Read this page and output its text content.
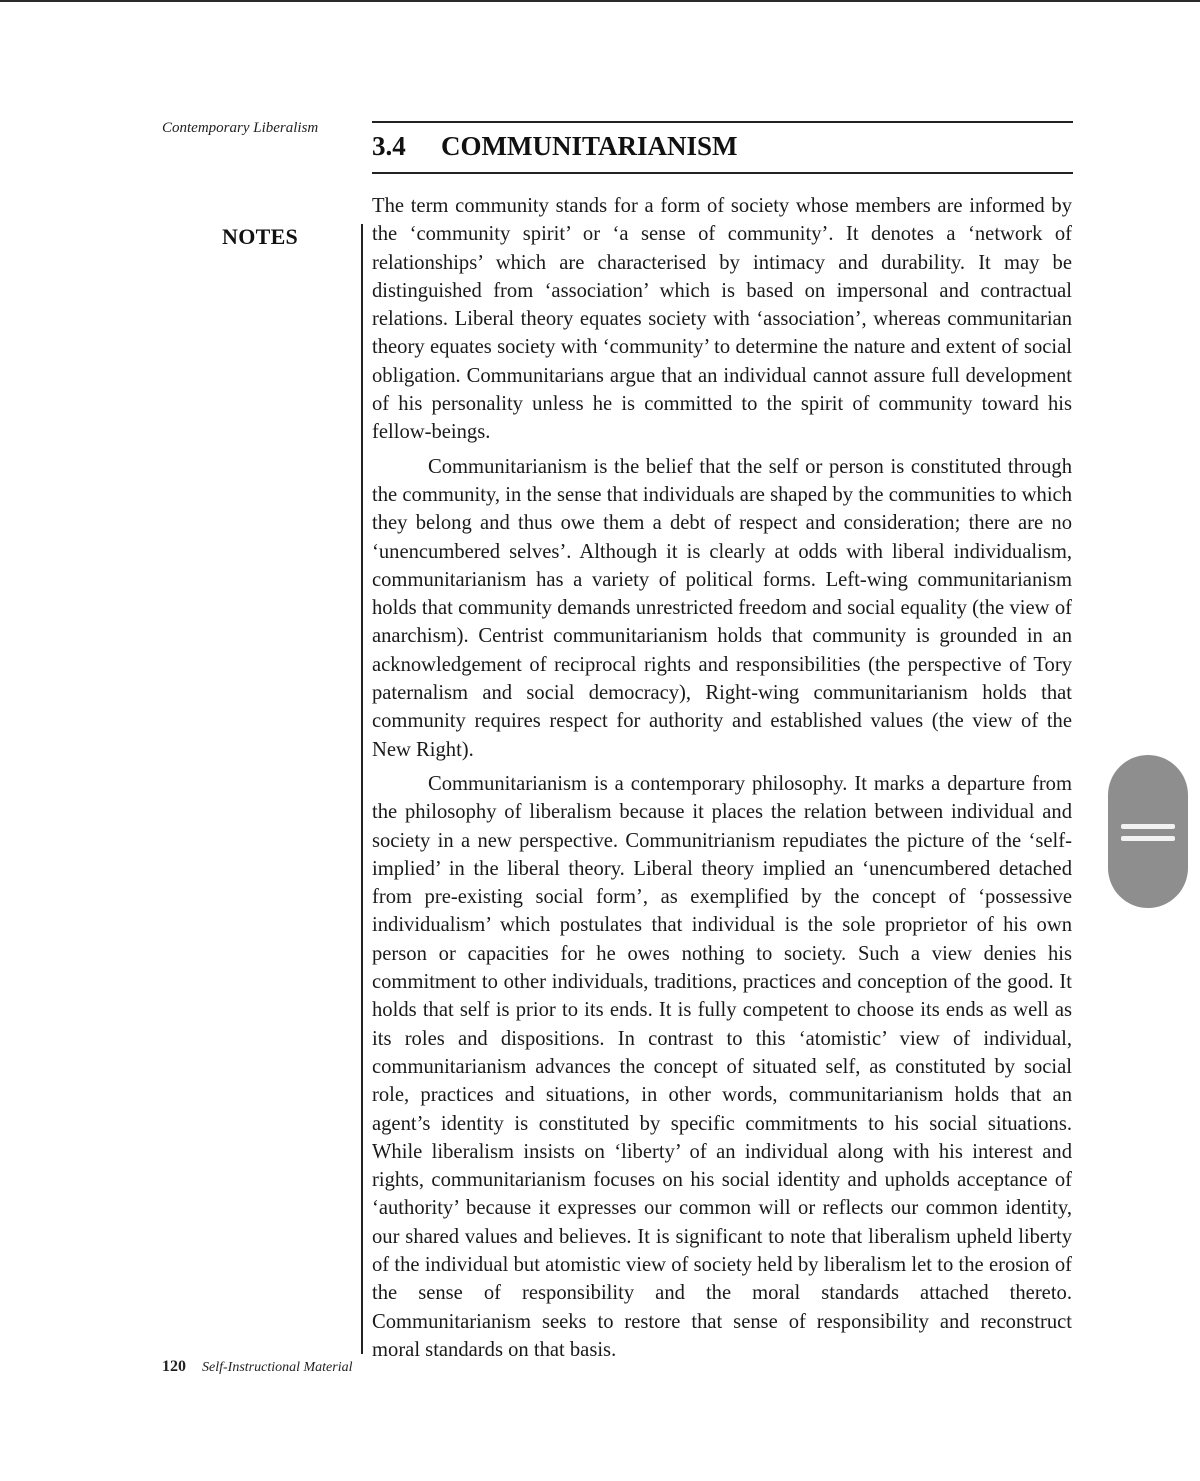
Contemporary Liberalism
3.4 COMMUNITARIANISM
NOTES

The term community stands for a form of society whose members are informed by the ‘community spirit’ or ‘a sense of community’. It denotes a ‘network of relationships’ which are characterised by intimacy and durability. It may be distinguished from ‘association’ which is based on impersonal and contractual relations. Liberal theory equates society with ‘association’, whereas communitarian theory equates society with ‘community’ to determine the nature and extent of social obligation. Communitarians argue that an individual cannot assure full development of his personality unless he is committed to the spirit of community toward his fellow-beings.

Communitarianism is the belief that the self or person is constituted through the community, in the sense that individuals are shaped by the communities to which they belong and thus owe them a debt of respect and consideration; there are no ‘unencumbered selves’. Although it is clearly at odds with liberal individualism, communitarianism has a variety of political forms. Left-wing communitarianism holds that community demands unrestricted freedom and social equality (the view of anarchism). Centrist communitarianism holds that community is grounded in an acknowledgement of reciprocal rights and responsibilities (the perspective of Tory paternalism and social democracy), Right-wing communitarianism holds that community requires respect for authority and established values (the view of the New Right).

Communitarianism is a contemporary philosophy. It marks a departure from the philosophy of liberalism because it places the relation between individual and society in a new perspective. Communitrianism repudiates the picture of the ‘self-implied’ in the liberal theory. Liberal theory implied an ‘unencumbered detached from pre-existing social form’, as exemplified by the concept of ‘possessive individualism’ which postulates that individual is the sole proprietor of his own person or capacities for he owes nothing to society. Such a view denies his commitment to other individuals, traditions, practices and conception of the good. It holds that self is prior to its ends. It is fully competent to choose its ends as well as its roles and dispositions. In contrast to this ‘atomistic’ view of individual, communitarianism advances the concept of situated self, as constituted by social role, practices and situations, in other words, communitarianism holds that an agent’s identity is constituted by specific commitments to his social situations. While liberalism insists on ‘liberty’ of an individual along with his interest and rights, communitarianism focuses on his social identity and upholds acceptance of ‘authority’ because it expresses our common will or reflects our common identity, our shared values and believes. It is significant to note that liberalism upheld liberty of the individual but atomistic view of society held by liberalism let to the erosion of the sense of responsibility and the moral standards attached thereto. Communitarianism seeks to restore that sense of responsibility and reconstruct moral standards on that basis.

120 Self-Instructional Material
